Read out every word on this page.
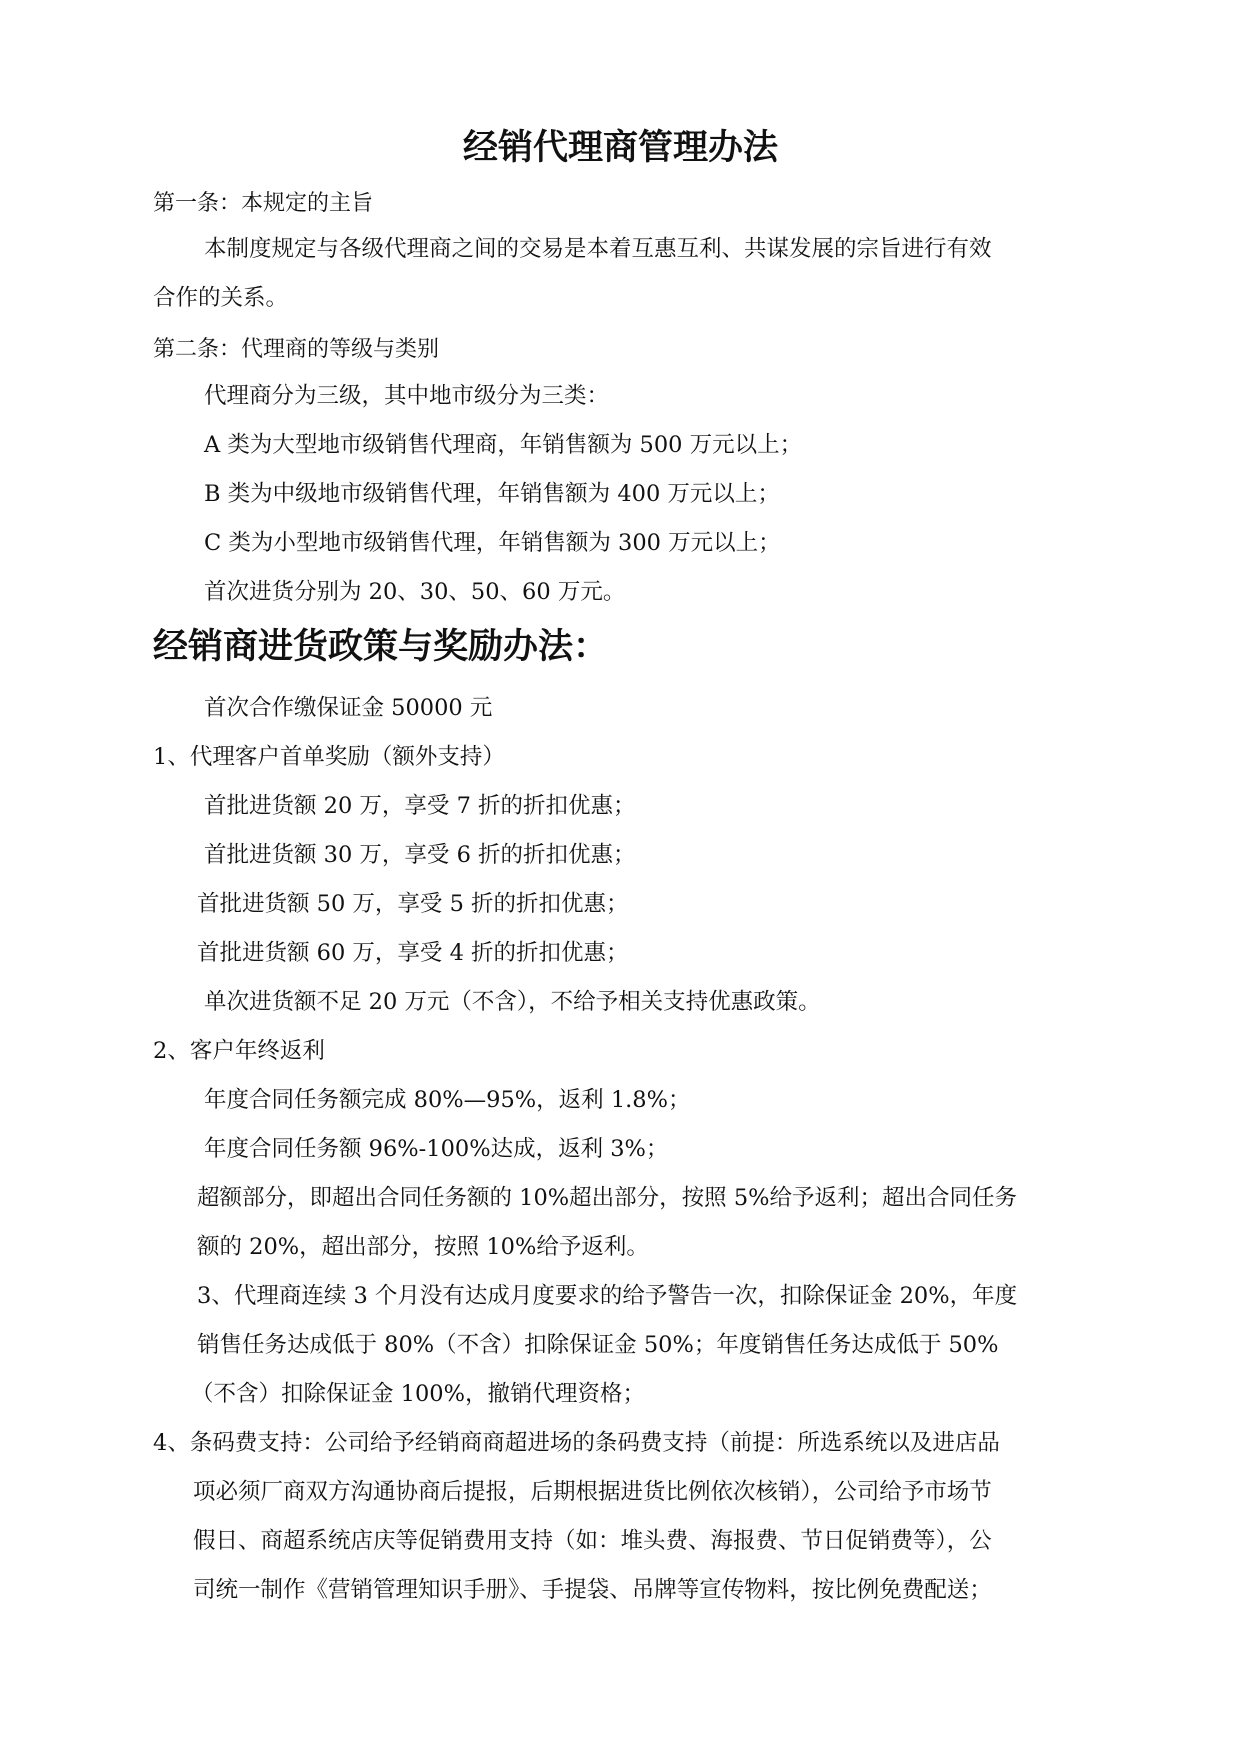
经销代理商管理办法
第一条：本规定的主旨

本制度规定与各级代理商之间的交易是本着互惠互利、共谋发展的宗旨进行有效

合作的关系。

第二条：代理商的等级与类别

代理商分为三级，其中地市级分为三类：

A 类为大型地市级销售代理商，年销售额为 500 万元以上；

B 类为中级地市级销售代理，年销售额为 400 万元以上；

C 类为小型地市级销售代理，年销售额为 300 万元以上；

首次进货分别为 20、30、50、60 万元。

经销商进货政策与奖励办法：

首次合作缴保证金 50000 元

1、代理客户首单奖励（额外支持）

首批进货额 20 万，享受 7 折的折扣优惠；

首批进货额 30 万，享受 6 折的折扣优惠；

首批进货额 50 万，享受 5 折的折扣优惠；

首批进货额 60 万，享受 4 折的折扣优惠；

单次进货额不足 20 万元（不含），不给予相关支持优惠政策。

2、客户年终返利

年度合同任务额完成 80%—95%，返利 1.8%；

年度合同任务额 96%-100%达成，返利 3%；

超额部分，即超出合同任务额的 10%超出部分，按照 5%给予返利；超出合同任务

额的 20%，超出部分，按照 10%给予返利。

3、代理商连续 3 个月没有达成月度要求的给予警告一次，扣除保证金 20%，年度

销售任务达成低于 80%（不含）扣除保证金 50%；年度销售任务达成低于 50%

（不含）扣除保证金 100%，撤销代理资格；

4、条码费支持：公司给予经销商商超进场的条码费支持（前提：所选系统以及进店品

项必须厂商双方沟通协商后提报，后期根据进货比例依次核销），公司给予市场节

假日、商超系统店庆等促销费用支持（如：堆头费、海报费、节日促销费等），公

司统一制作《营销管理知识手册》、手提袋、吊牌等宣传物料，按比例免费配送；
